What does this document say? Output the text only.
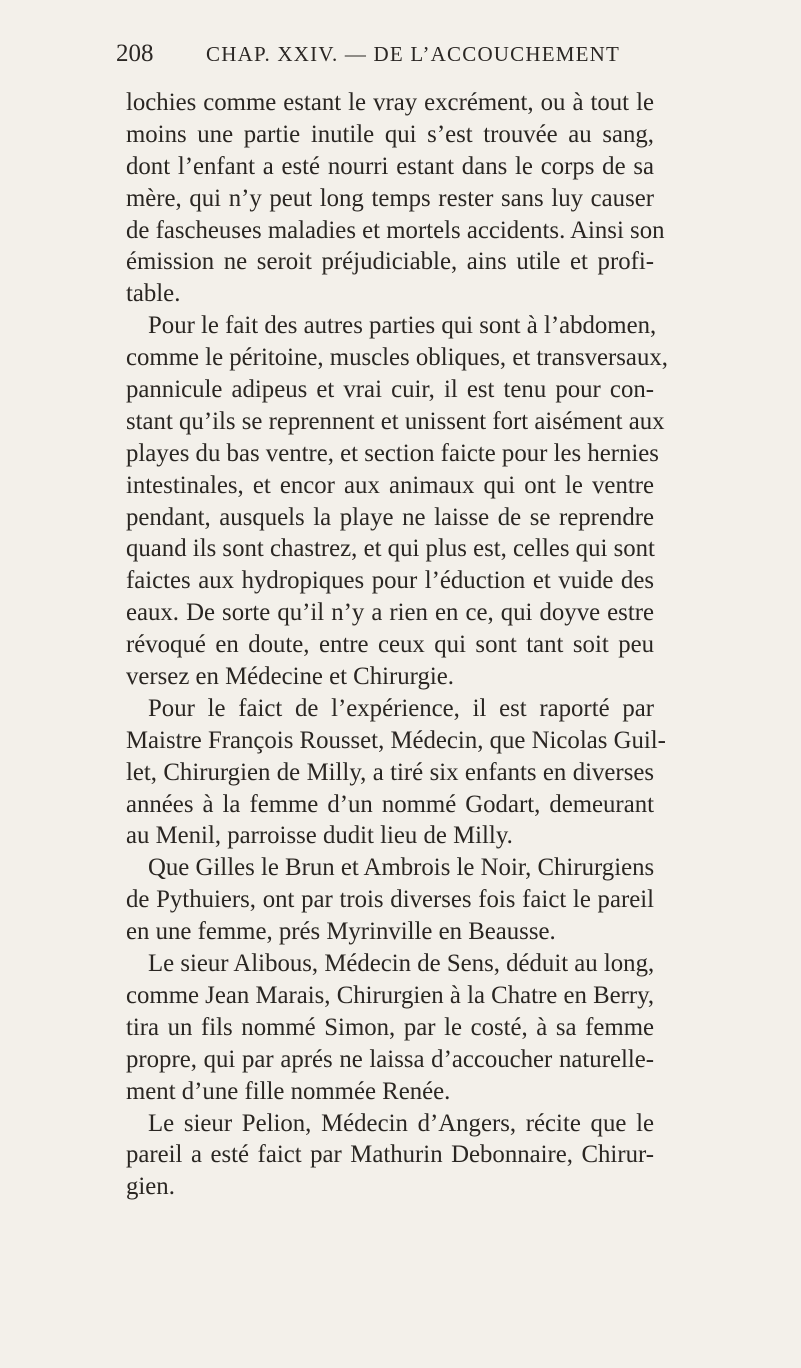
208	CHAP. XXIV. — DE L’ACCOUCHEMENT
lochies comme estant le vray excrément, ou à tout le
moins une partie inutile qui s’est trouvée au sang,
dont l’enfant a esté nourri estant dans le corps de sa
mère, qui n’y peut long temps rester sans luy causer
de fascheuses maladies et mortels accidents. Ainsi son
émission ne seroit préjudiciable, ains utile et profi-
table.
Pour le fait des autres parties qui sont à l’abdomen,
comme le péritoine, muscles obliques, et transversaux,
pannicule adipeus et vrai cuir, il est tenu pour con-
stant qu’ils se reprennent et unissent fort aisément aux
playes du bas ventre, et section faicte pour les hernies
intestinales, et encor aux animaux qui ont le ventre
pendant, ausquels la playe ne laisse de se reprendre
quand ils sont chastrez, et qui plus est, celles qui sont
faictes aux hydropiques pour l’éduction et vuide des
eaux. De sorte qu’il n’y a rien en ce, qui doyve estre
révoqué en doute, entre ceux qui sont tant soit peu
versez en Médecine et Chirurgie.
Pour le faict de l’expérience, il est raporté par
Maistre François Rousset, Médecin, que Nicolas Guil-
let, Chirurgien de Milly, a tiré six enfants en diverses
années à la femme d’un nommé Godart, demeurant
au Menil, parroisse dudit lieu de Milly.
Que Gilles le Brun et Ambrois le Noir, Chirurgiens
de Pythuiers, ont par trois diverses fois faict le pareil
en une femme, prés Myrinville en Beausse.
Le sieur Alibous, Médecin de Sens, déduit au long,
comme Jean Marais, Chirurgien à la Chatre en Berry,
tira un fils nommé Simon, par le costé, à sa femme
propre, qui par aprés ne laissa d’accoucher naturelle-
ment d’une fille nommée Renée.
Le sieur Pelion, Médecin d’Angers, récite que le
pareil a esté faict par Mathurin Debonnaire, Chirur-
gien.
